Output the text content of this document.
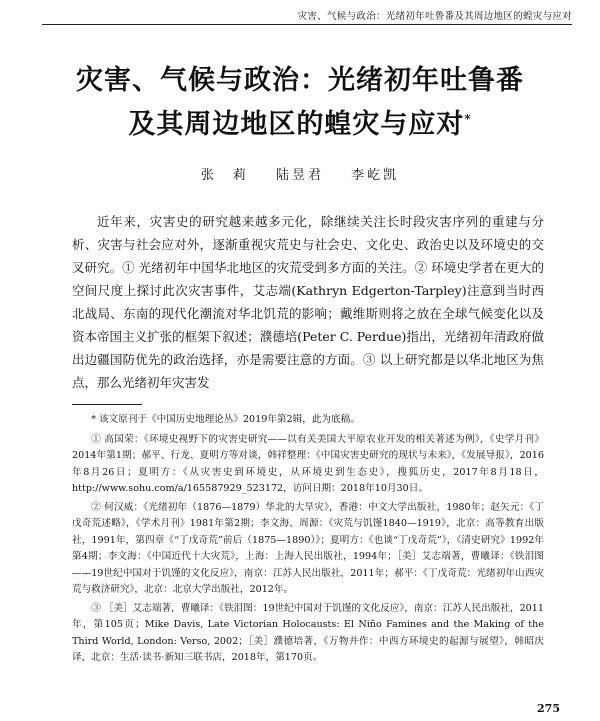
灾害、气候与政治：光绪初年吐鲁番及其周边地区的蝗灾与应对
灾害、气候与政治：光绪初年吐鲁番
及其周边地区的蝗灾与应对*
张　莉 陆昱君 李屹凯
近年来，灾害史的研究越来越多元化，除继续关注长时段灾害序列的重建与分析、灾害与社会应对外，逐渐重视灾荒史与社会史、文化史、政治史以及环境史的交叉研究。① 光绪初年中国华北地区的灾荒受到多方面的关注。② 环境史学者在更大的空间尺度上探讨此次灾害事件，艾志端(Kathryn Edgerton-Tarpley)注意到当时西北战局、东南的现代化潮流对华北饥荒的影响；戴维斯则将之放在全球气候变化以及资本帝国主义扩张的框架下叙述；濮德培(Peter C. Perdue)指出，光绪初年清政府做出边疆国防优先的政治选择，亦是需要注意的方面。③ 以上研究都是以华北地区为焦点，那么光绪初年灾害发

* 该文原刊于《中国历史地理论丛》2019年第2辑，此为底稿。

① 高国荣：《环境史视野下的灾害史研究——以有关美国大平原农业开发的相关著述为例》，《史学月刊》2014年第1期；郝平、行龙、夏明方等对谈，韩祥整理：《中国灾害史研究的现状与未来》，《发展导报》，2016年8月26日；夏明方：《从灾害史到环境史，从环境史到生态史》，搜狐历史，2017年8月18日，http://www.sohu.com/a/165587929_523172，访问日期：2018年10月30日。

② 何汉威：《光绪初年（1876—1879）华北的大旱灾》，香港：中文大学出版社，1980年；赵矢元：《丁戊奇荒述略》，《学术月刊》1981年第2期；李文海、周源：《灾荒与饥馑1840—1919》，北京：高等教育出版社，1991年，第四章《“丁戊奇荒”前后（1875—1890）》；夏明方：《也谈“丁戊奇荒”》，《清史研究》1992年第4期；李文海：《中国近代十大灾荒》，上海：上海人民出版社，1994年；［美］艾志端著，曹曦译：《铁泪图——19世纪中国对于饥馑的文化反应》，南京：江苏人民出版社，2011年；郝平：《丁戊奇荒：光绪初年山西灾荒与救济研究》，北京：北京大学出版社，2012年。

③ ［美］艾志端著，曹曦译：《铁泪图：19世纪中国对于饥馑的文化反应》，南京：江苏人民出版社，2011年，第105页；Mike Davis, Late Victorian Holocausts: El Niño Famines and the Making of the Third World, London: Verso, 2002；［美］濮德培著，《万物并作：中西方环境史的起源与展望》，韩昭庆译，北京：生活·读书·新知三联书店，2018年，第170页。

275
